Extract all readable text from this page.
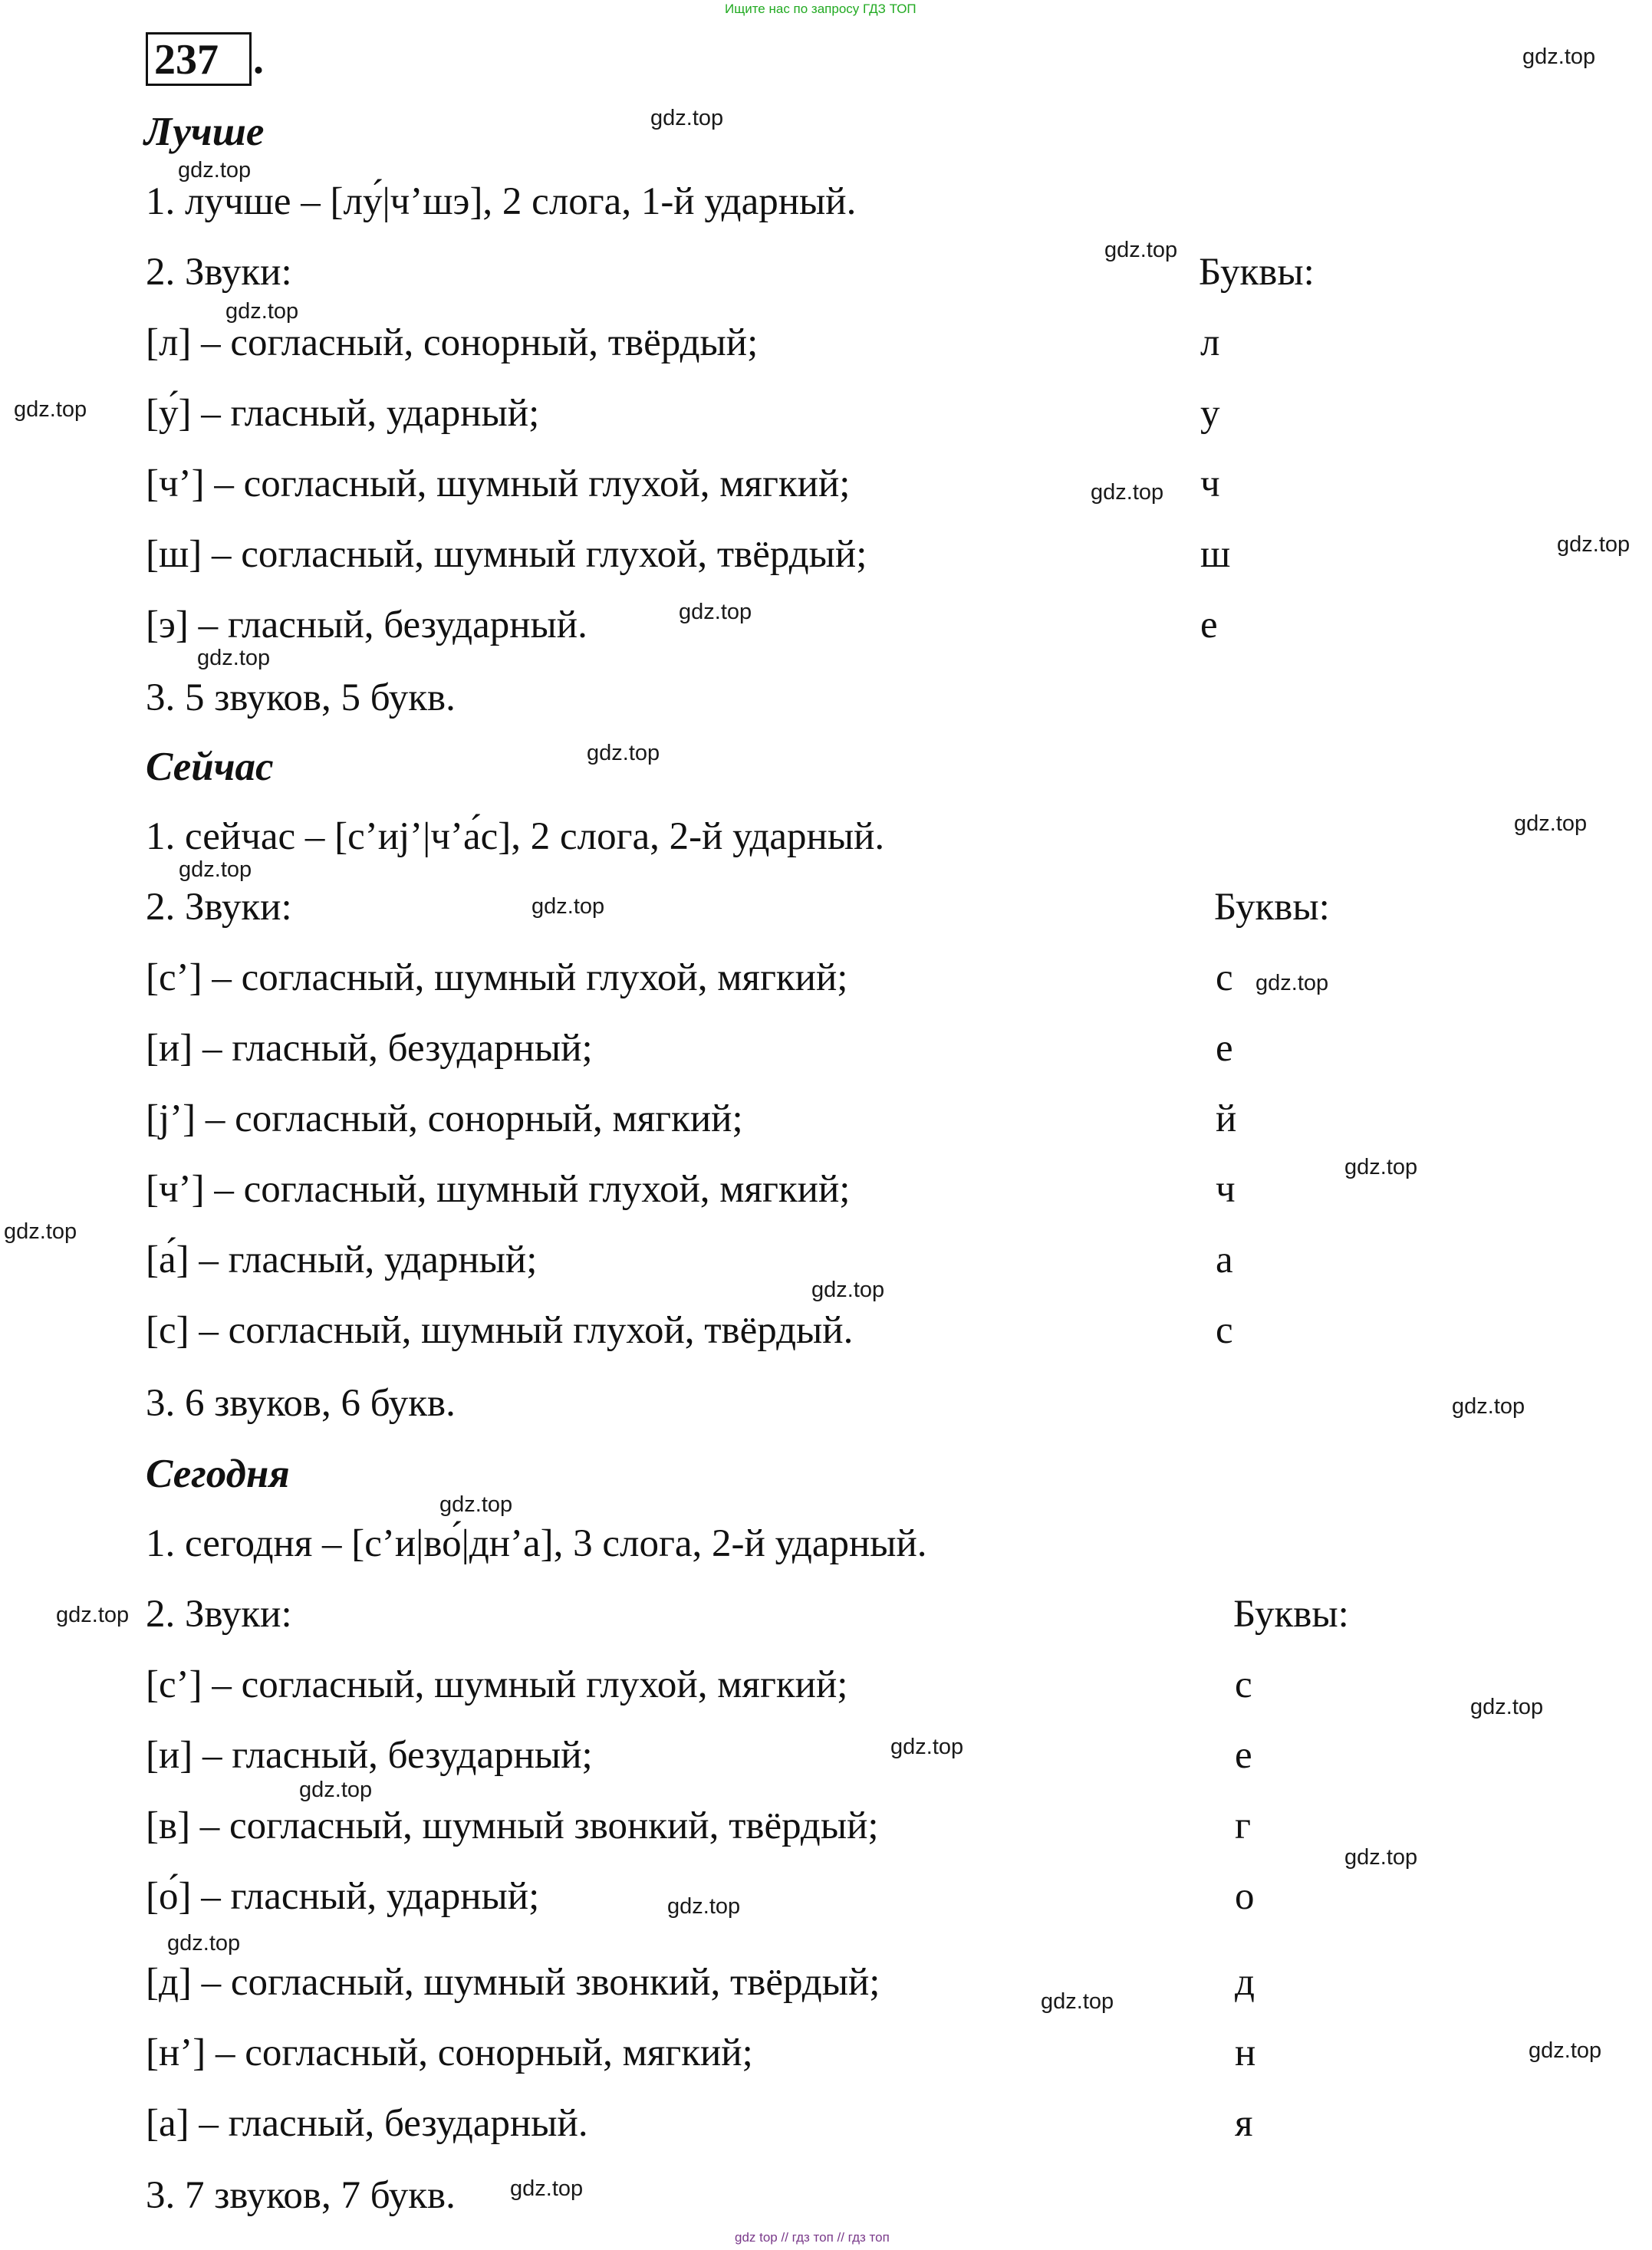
Ищите нас по запросу ГДЗ ТОП
237 .
Лучше
1. лучше – [лу́|ч’шэ], 2 слога, 1-й ударный.
2. Звуки:	Буквы:
[л] – согласный, сонорный, твёрдый;	л
[у́] – гласный, ударный;	у
[ч’] – согласный, шумный глухой, мягкий;	ч
[ш] – согласный, шумный глухой, твёрдый;	ш
[э] – гласный, безударный.	е
3. 5 звуков, 5 букв.
Сейчас
1. сейчас – [с’иj’|ч’а́с], 2 слога, 2-й ударный.
2. Звуки:	Буквы:
[с’] – согласный, шумный глухой, мягкий;	с
[и] – гласный, безударный;	е
[j’] – согласный, сонорный, мягкий;	й
[ч’] – согласный, шумный глухой, мягкий;	ч
[а́] – гласный, ударный;	а
[с] – согласный, шумный глухой, твёрдый.	с
3. 6 звуков, 6 букв.
Сегодня
1. сегодня – [с’и|во́|дн’а], 3 слога, 2-й ударный.
2. Звуки:	Буквы:
[с’] – согласный, шумный глухой, мягкий;	с
[и] – гласный, безударный;	е
[в] – согласный, шумный звонкий, твёрдый;	г
[о́] – гласный, ударный;	о
[д] – согласный, шумный звонкий, твёрдый;	д
[н’] – согласный, сонорный, мягкий;	н
[а] – гласный, безударный.	я
3. 7 звуков, 7 букв.
gdz.top
gdz.top
gdz.top
gdz.top
gdz.top
gdz.top
gdz.top
gdz.top
gdz.top
gdz.top
gdz.top
gdz.top
gdz.top
gdz.top
gdz.top
gdz.top
gdz.top
gdz.top
gdz.top
gdz.top
gdz.top
gdz.top
gdz.top
gdz.top
gdz.top
gdz.top
gdz.top
gdz.top
gdz.top
gdz.top
gdz top // гдз топ // гдз топ
